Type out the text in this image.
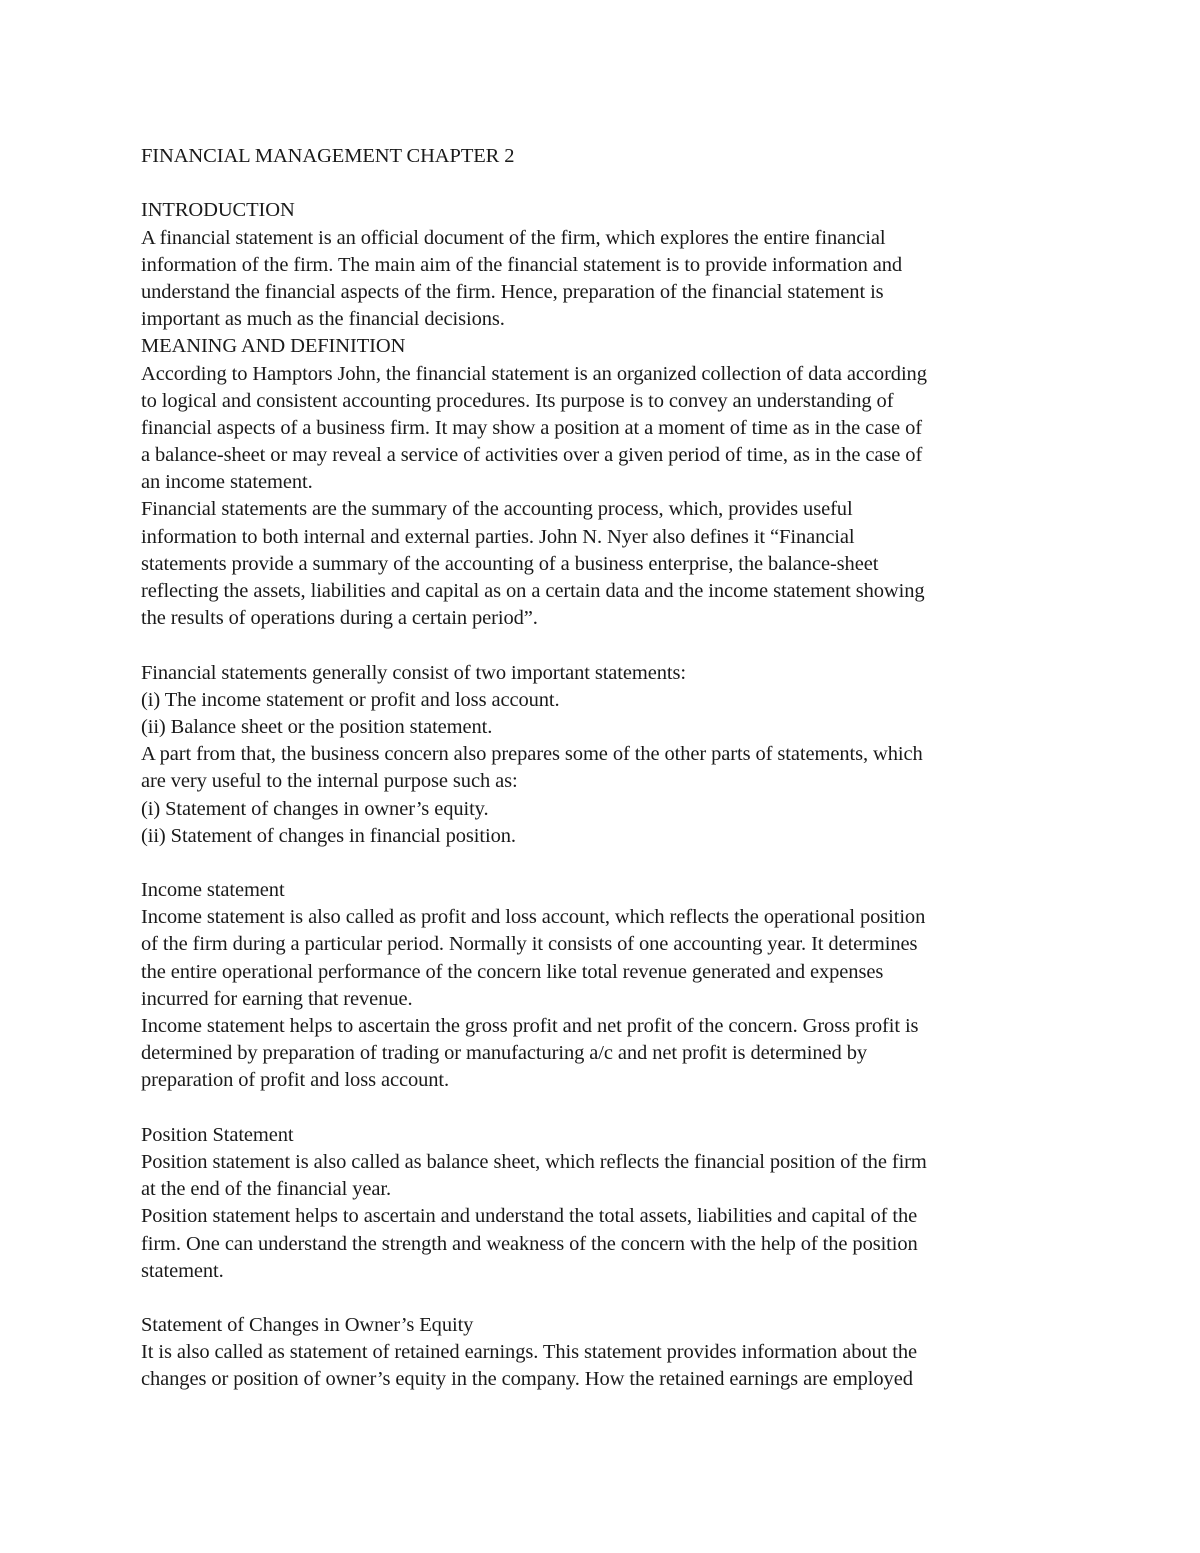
FINANCIAL MANAGEMENT CHAPTER 2
INTRODUCTION
A financial statement is an official document of the firm, which explores the entire financial
information of the firm. The main aim of the financial statement is to provide information and
understand the financial aspects of the firm. Hence, preparation of the financial statement is
important as much as the financial decisions.
MEANING AND DEFINITION
According to Hamptors John, the financial statement is an organized collection of data according
to logical and consistent accounting procedures. Its purpose is to convey an understanding of
financial aspects of a business firm. It may show a position at a moment of time as in the case of
a balance-sheet or may reveal a service of activities over a given period of time, as in the case of
an income statement.
Financial statements are the summary of the accounting process, which, provides useful
information to both internal and external parties. John N. Nyer also defines it “Financial
statements provide a summary of the accounting of a business enterprise, the balance-sheet
reflecting the assets, liabilities and capital as on a certain data and the income statement showing
the results of operations during a certain period”.
Financial statements generally consist of two important statements:
(i) The income statement or profit and loss account.
(ii) Balance sheet or the position statement.
A part from that, the business concern also prepares some of the other parts of statements, which
are very useful to the internal purpose such as:
(i) Statement of changes in owner’s equity.
(ii) Statement of changes in financial position.
Income statement
Income statement is also called as profit and loss account, which reflects the operational position
of the firm during a particular period. Normally it consists of one accounting year. It determines
the entire operational performance of the concern like total revenue generated and expenses
incurred for earning that revenue.
Income statement helps to ascertain the gross profit and net profit of the concern. Gross profit is
determined by preparation of trading or manufacturing a/c and net profit is determined by
preparation of profit and loss account.
Position Statement
Position statement is also called as balance sheet, which reflects the financial position of the firm
at the end of the financial year.
Position statement helps to ascertain and understand the total assets, liabilities and capital of the
firm. One can understand the strength and weakness of the concern with the help of the position
statement.
Statement of Changes in Owner’s Equity
It is also called as statement of retained earnings. This statement provides information about the
changes or position of owner’s equity in the company. How the retained earnings are employed
